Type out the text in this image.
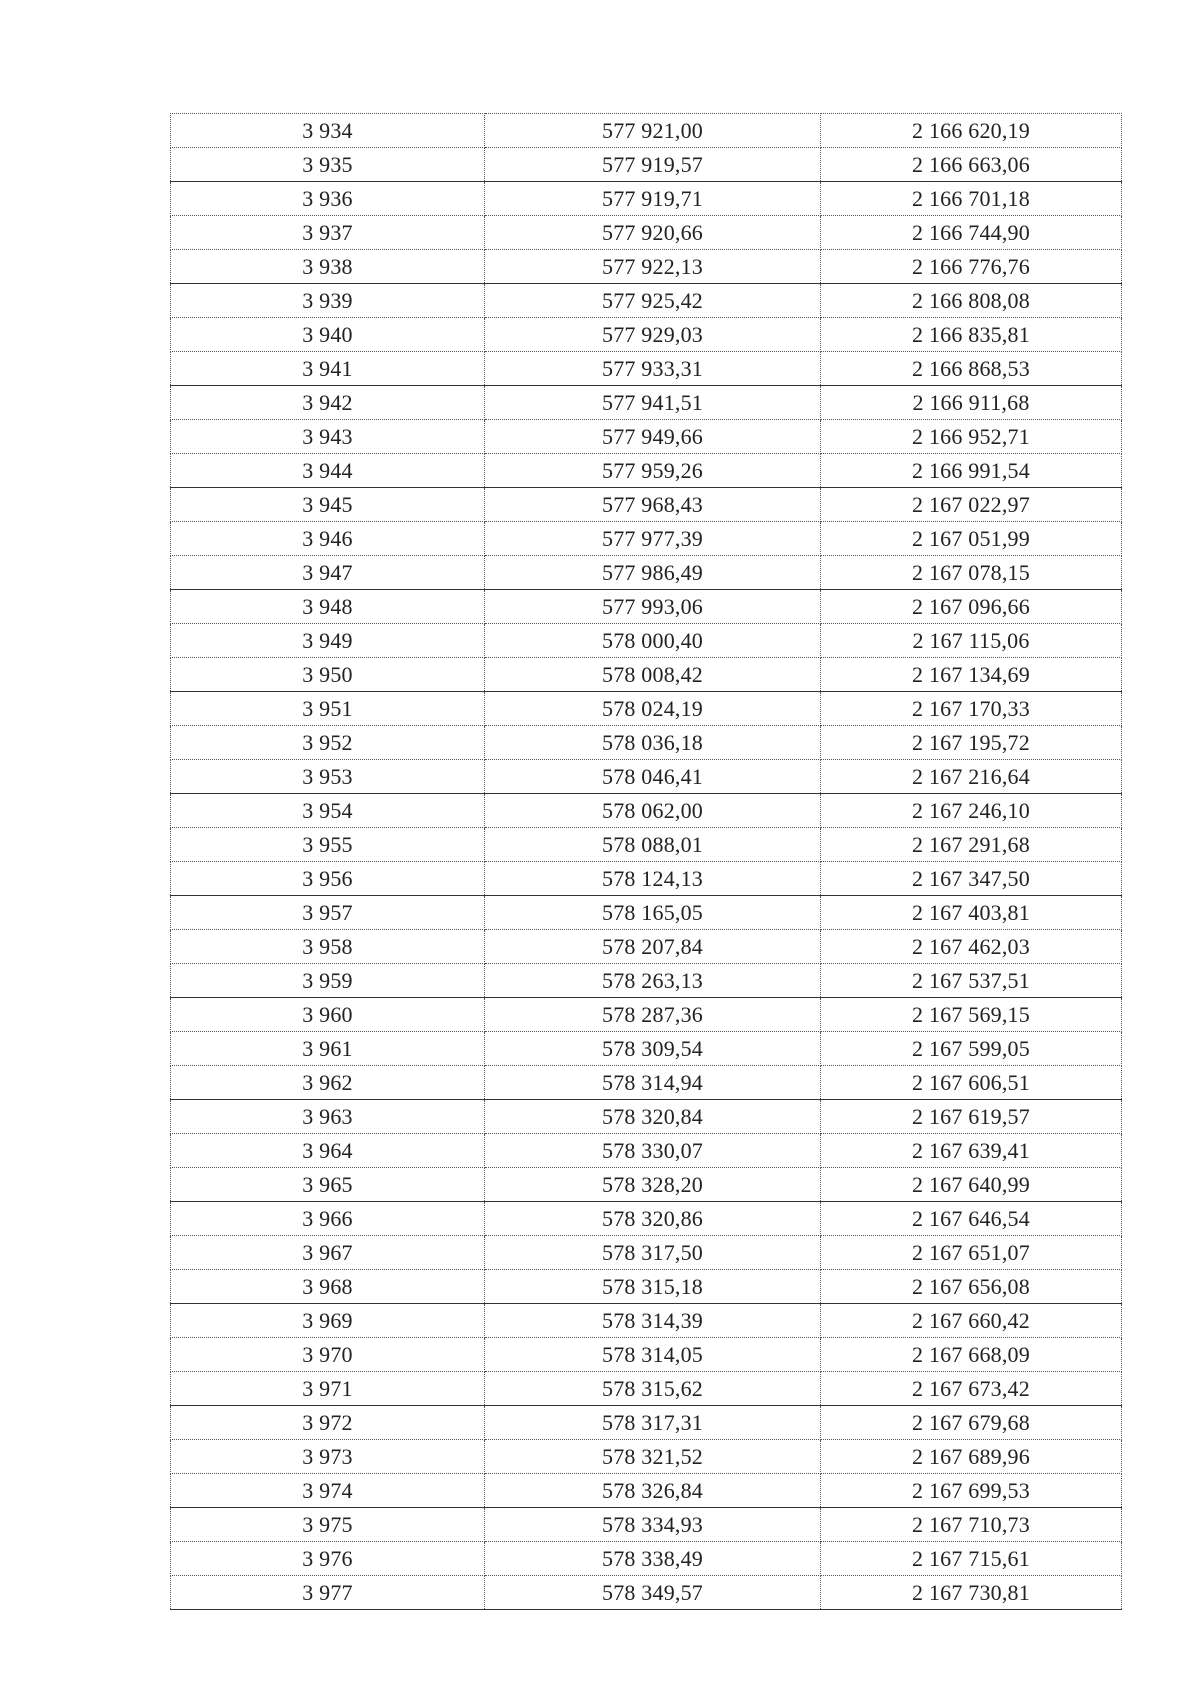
3 934	577 921,00	2 166 620,19
3 935	577 919,57	2 166 663,06
3 936	577 919,71	2 166 701,18
3 937	577 920,66	2 166 744,90
3 938	577 922,13	2 166 776,76
3 939	577 925,42	2 166 808,08
3 940	577 929,03	2 166 835,81
3 941	577 933,31	2 166 868,53
3 942	577 941,51	2 166 911,68
3 943	577 949,66	2 166 952,71
3 944	577 959,26	2 166 991,54
3 945	577 968,43	2 167 022,97
3 946	577 977,39	2 167 051,99
3 947	577 986,49	2 167 078,15
3 948	577 993,06	2 167 096,66
3 949	578 000,40	2 167 115,06
3 950	578 008,42	2 167 134,69
3 951	578 024,19	2 167 170,33
3 952	578 036,18	2 167 195,72
3 953	578 046,41	2 167 216,64
3 954	578 062,00	2 167 246,10
3 955	578 088,01	2 167 291,68
3 956	578 124,13	2 167 347,50
3 957	578 165,05	2 167 403,81
3 958	578 207,84	2 167 462,03
3 959	578 263,13	2 167 537,51
3 960	578 287,36	2 167 569,15
3 961	578 309,54	2 167 599,05
3 962	578 314,94	2 167 606,51
3 963	578 320,84	2 167 619,57
3 964	578 330,07	2 167 639,41
3 965	578 328,20	2 167 640,99
3 966	578 320,86	2 167 646,54
3 967	578 317,50	2 167 651,07
3 968	578 315,18	2 167 656,08
3 969	578 314,39	2 167 660,42
3 970	578 314,05	2 167 668,09
3 971	578 315,62	2 167 673,42
3 972	578 317,31	2 167 679,68
3 973	578 321,52	2 167 689,96
3 974	578 326,84	2 167 699,53
3 975	578 334,93	2 167 710,73
3 976	578 338,49	2 167 715,61
3 977	578 349,57	2 167 730,81
